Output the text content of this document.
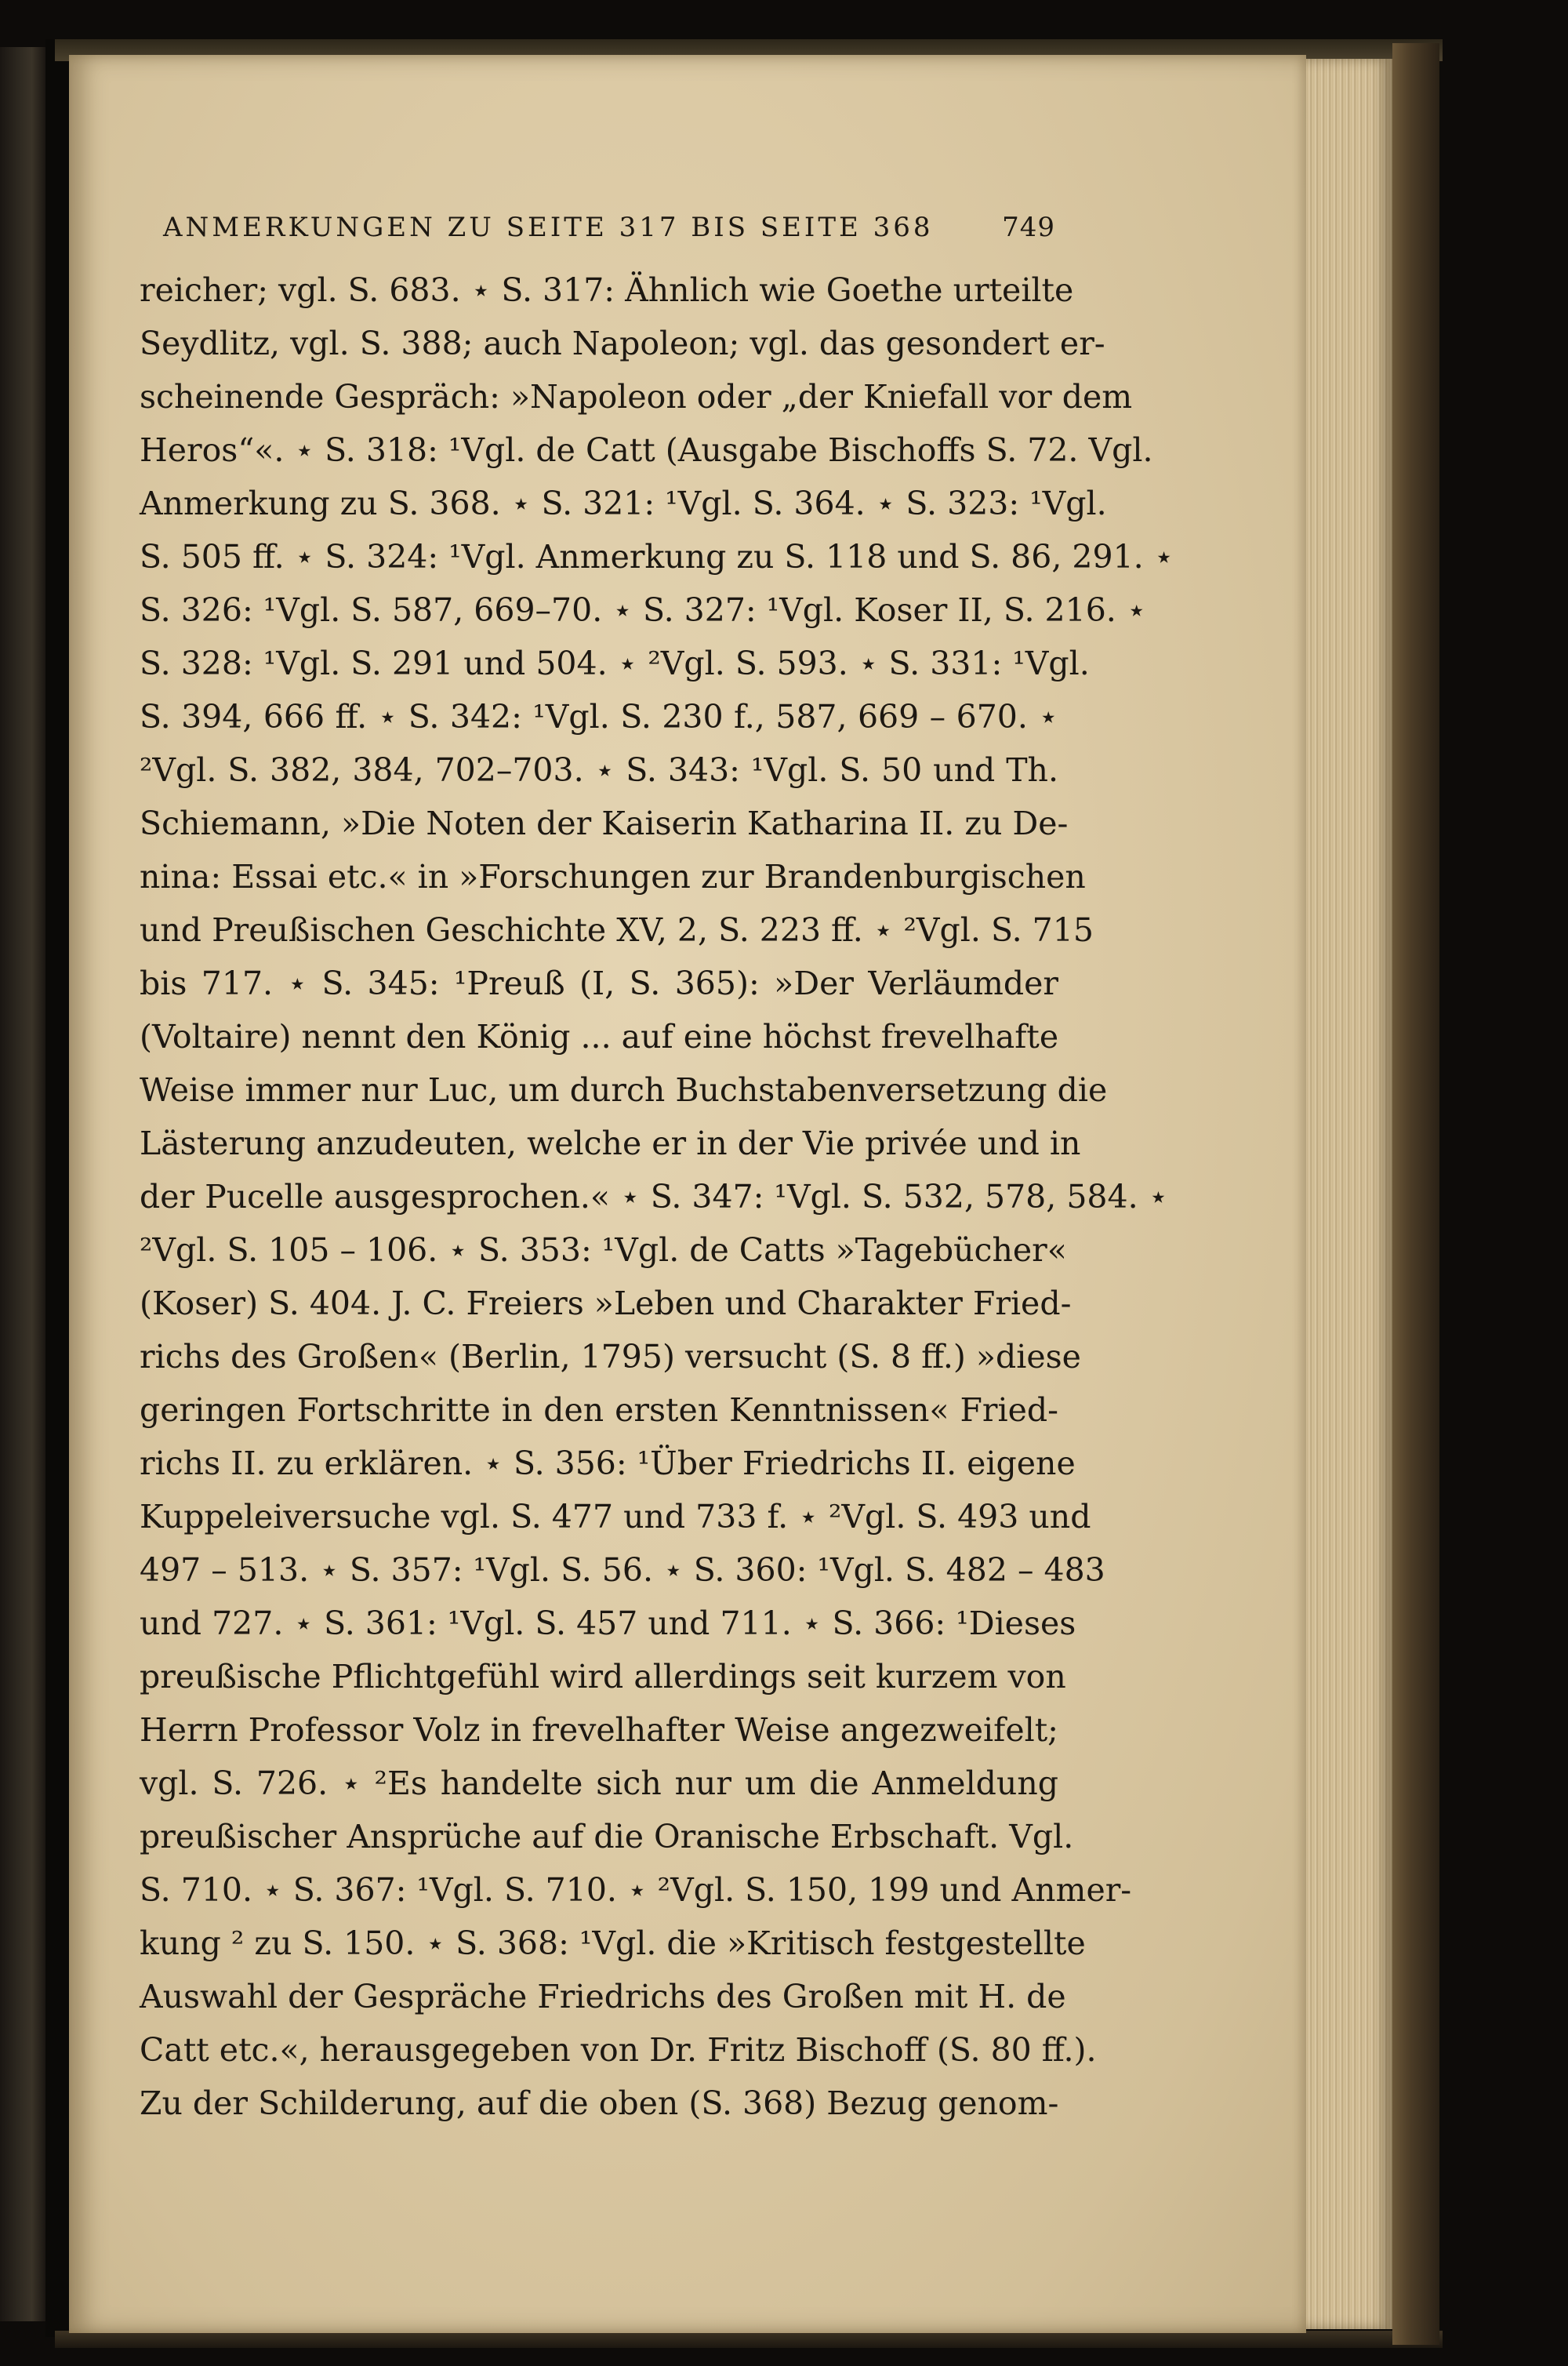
ANMERKUNGEN ZU SEITE 317 BIS SEITE 368	749
reicher; vgl. S. 683. ⋆ S. 317: Ähnlich wie Goethe urteilte
Seydlitz, vgl. S. 388; auch Napoleon; vgl. das gesondert er-
scheinende Gespräch: »Napoleon oder „der Kniefall vor dem
Heros“«. ⋆ S. 318: ¹Vgl. de Catt (Ausgabe Bischoffs S. 72. Vgl.
Anmerkung zu S. 368. ⋆ S. 321: ¹Vgl. S. 364. ⋆ S. 323: ¹Vgl.
S. 505 ff. ⋆ S. 324: ¹Vgl. Anmerkung zu S. 118 und S. 86, 291. ⋆
S. 326: ¹Vgl. S. 587, 669–70. ⋆ S. 327: ¹Vgl. Koser II, S. 216. ⋆
S. 328: ¹Vgl. S. 291 und 504. ⋆ ²Vgl. S. 593. ⋆ S. 331: ¹Vgl.
S. 394, 666 ff. ⋆ S. 342: ¹Vgl. S. 230 f., 587, 669 – 670. ⋆
²Vgl. S. 382, 384, 702–703. ⋆ S. 343: ¹Vgl. S. 50 und Th.
Schiemann, »Die Noten der Kaiserin Katharina II. zu De-
nina: Essai etc.« in »Forschungen zur Brandenburgischen
und Preußischen Geschichte XV, 2, S. 223 ff. ⋆ ²Vgl. S. 715
bis 717. ⋆ S. 345: ¹Preuß (I, S. 365): »Der Verläumder
(Voltaire) nennt den König ... auf eine höchst frevelhafte
Weise immer nur Luc, um durch Buchstabenversetzung die
Lästerung anzudeuten, welche er in der Vie privée und in
der Pucelle ausgesprochen.« ⋆ S. 347: ¹Vgl. S. 532, 578, 584. ⋆
²Vgl. S. 105 – 106. ⋆ S. 353: ¹Vgl. de Catts »Tagebücher«
(Koser) S. 404. J. C. Freiers »Leben und Charakter Fried-
richs des Großen« (Berlin, 1795) versucht (S. 8 ff.) »diese
geringen Fortschritte in den ersten Kenntnissen« Fried-
richs II. zu erklären. ⋆ S. 356: ¹Über Friedrichs II. eigene
Kuppeleiversuche vgl. S. 477 und 733 f. ⋆ ²Vgl. S. 493 und
497 – 513. ⋆ S. 357: ¹Vgl. S. 56. ⋆ S. 360: ¹Vgl. S. 482 – 483
und 727. ⋆ S. 361: ¹Vgl. S. 457 und 711. ⋆ S. 366: ¹Dieses
preußische Pflichtgefühl wird allerdings seit kurzem von
Herrn Professor Volz in frevelhafter Weise angezweifelt;
vgl. S. 726. ⋆ ²Es handelte sich nur um die Anmeldung
preußischer Ansprüche auf die Oranische Erbschaft. Vgl.
S. 710. ⋆ S. 367: ¹Vgl. S. 710. ⋆ ²Vgl. S. 150, 199 und Anmer-
kung ² zu S. 150. ⋆ S. 368: ¹Vgl. die »Kritisch festgestellte
Auswahl der Gespräche Friedrichs des Großen mit H. de
Catt etc.«, herausgegeben von Dr. Fritz Bischoff (S. 80 ff.).
Zu der Schilderung, auf die oben (S. 368) Bezug genom-
